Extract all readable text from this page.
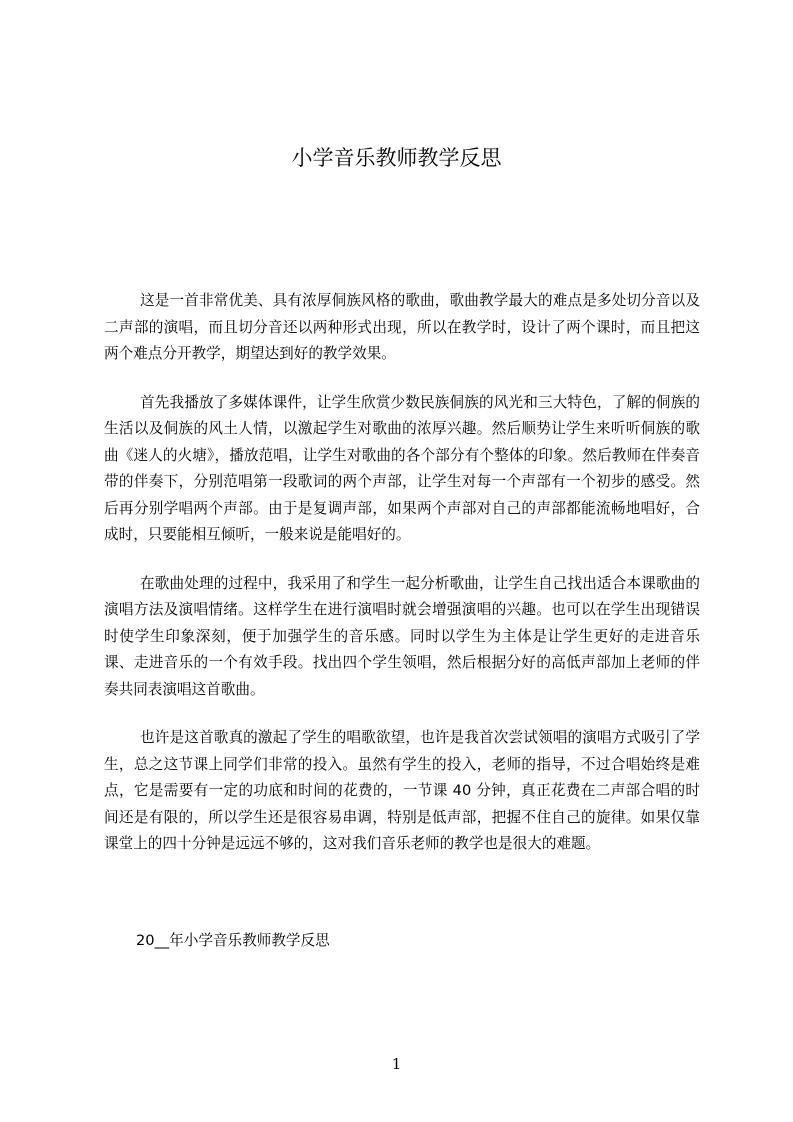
小学音乐教师教学反思

这是一首非常优美、具有浓厚侗族风格的歌曲，歌曲教学最大的难点是多处切分音以及二声部的演唱，而且切分音还以两种形式出现，所以在教学时，设计了两个课时，而且把这两个难点分开教学，期望达到好的教学效果。

首先我播放了多媒体课件，让学生欣赏少数民族侗族的风光和三大特色，了解的侗族的生活以及侗族的风土人情，以激起学生对歌曲的浓厚兴趣。然后顺势让学生来听听侗族的歌曲《迷人的火塘》，播放范唱，让学生对歌曲的各个部分有个整体的印象。然后教师在伴奏音带的伴奏下，分别范唱第一段歌词的两个声部，让学生对每一个声部有一个初步的感受。然后再分别学唱两个声部。由于是复调声部，如果两个声部对自己的声部都能流畅地唱好，合成时，只要能相互倾听，一般来说是能唱好的。

在歌曲处理的过程中，我采用了和学生一起分析歌曲，让学生自己找出适合本课歌曲的演唱方法及演唱情绪。这样学生在进行演唱时就会增强演唱的兴趣。也可以在学生出现错误时使学生印象深刻，便于加强学生的音乐感。同时以学生为主体是让学生更好的走进音乐课、走进音乐的一个有效手段。找出四个学生领唱，然后根据分好的高低声部加上老师的伴奏共同表演唱这首歌曲。

也许是这首歌真的激起了学生的唱歌欲望，也许是我首次尝试领唱的演唱方式吸引了学生，总之这节课上同学们非常的投入。虽然有学生的投入，老师的指导，不过合唱始终是难点，它是需要有一定的功底和时间的花费的，一节课 40 分钟，真正花费在二声部合唱的时间还是有限的，所以学生还是很容易串调，特别是低声部，把握不住自己的旋律。如果仅靠课堂上的四十分钟是远远不够的，这对我们音乐老师的教学也是很大的难题。

20__年小学音乐教师教学反思

1
